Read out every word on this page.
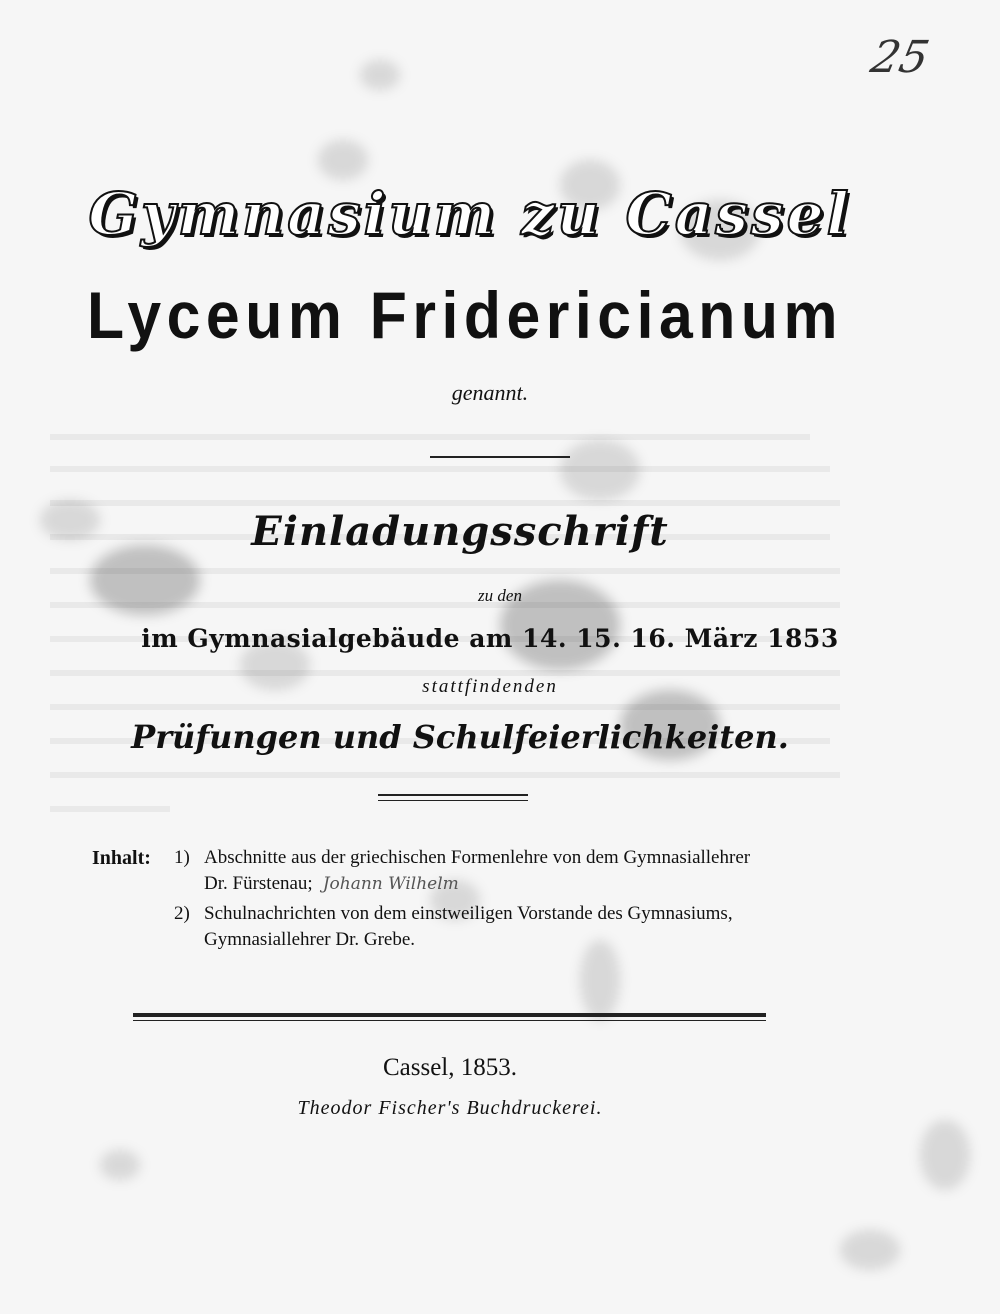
25
Gymnasium zu Cassel
Lyceum Fridericianum
genannt.
Einladungsschrift
zu den
im Gymnasialgebäude am 14. 15. 16. März 1853
stattfindenden
Prüfungen und Schulfeierlichkeiten.
Inhalt: 1) Abschnitte aus der griechischen Formenlehre von dem Gymnasiallehrer
Dr. Fürstenau; Johann Wilhelm
2) Schulnachrichten von dem einstweiligen Vorstande des Gymnasiums,
Gymnasiallehrer Dr. Grebe.
Cassel, 1853.
Theodor Fischer's Buchdruckerei.
